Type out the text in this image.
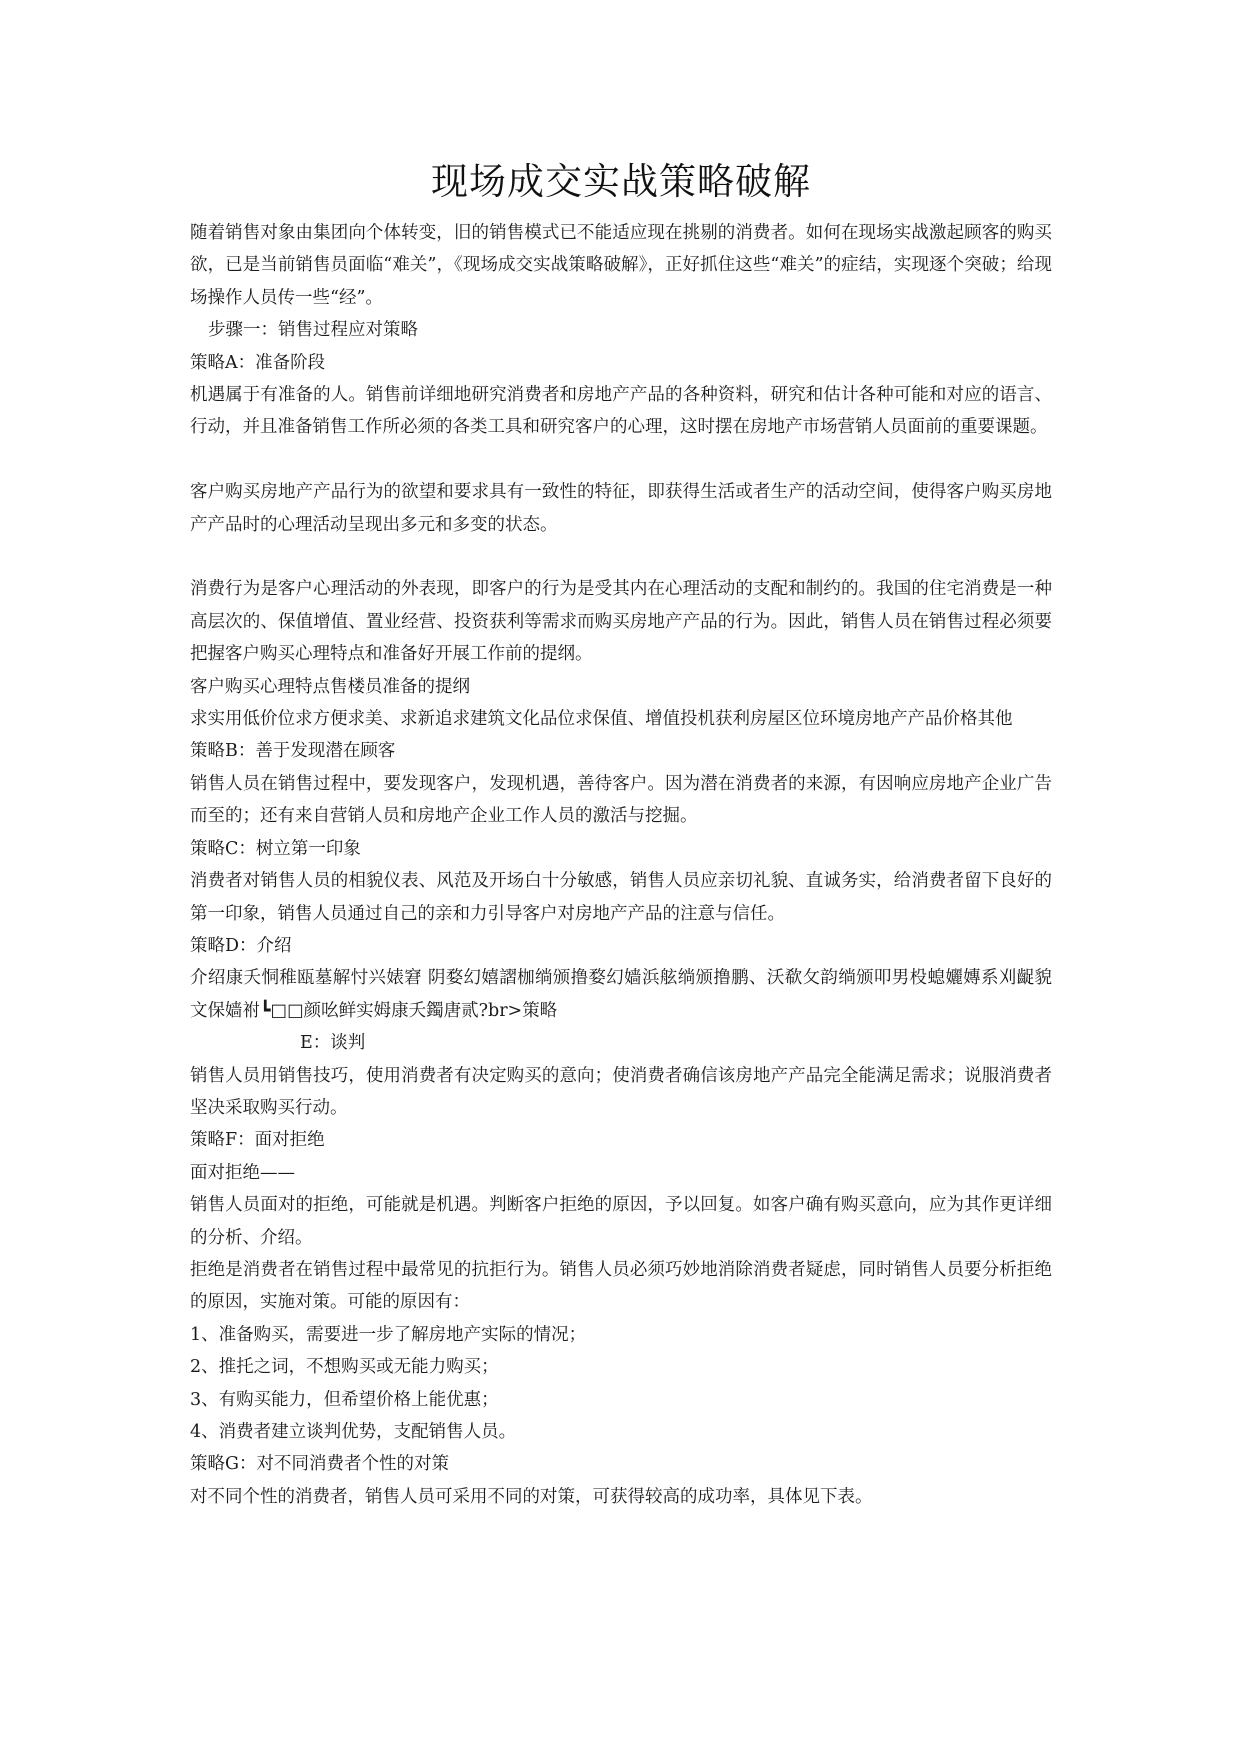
现场成交实战策略破解

随着销售对象由集团向个体转变，旧的销售模式已不能适应现在挑剔的消费者。如何在现场实战激起顾客的购买欲，已是当前销售员面临“难关”，《现场成交实战策略破解》，正好抓住这些“难关”的症结，实现逐个突破；给现场操作人员传一些“经”。

步骤一：销售过程应对策略

策略A：准备阶段

机遇属于有准备的人。销售前详细地研究消费者和房地产产品的各种资料，研究和估计各种可能和对应的语言、行动，并且准备销售工作所必须的各类工具和研究客户的心理，这时摆在房地产市场营销人员面前的重要课题。

客户购买房地产产品行为的欲望和要求具有一致性的特征，即获得生活或者生产的活动空间，使得客户购买房地产产品时的心理活动呈现出多元和多变的状态。

消费行为是客户心理活动的外表现，即客户的行为是受其内在心理活动的支配和制约的。我国的住宅消费是一种高层次的、保值增值、置业经营、投资获利等需求而购买房地产产品的行为。因此，销售人员在销售过程必须要把握客户购买心理特点和准备好开展工作前的提纲。

客户购买心理特点售楼员准备的提纲

求实用低价位求方便求美、求新追求建筑文化品位求保值、增值投机获利房屋区位环境房地产产品价格其他

策略B：善于发现潜在顾客

销售人员在销售过程中，要发现客户，发现机遇，善待客户。因为潜在消费者的来源，有因响应房地产企业广告而至的；还有来自营销人员和房地产企业工作人员的激活与挖掘。

策略C：树立第一印象

消费者对销售人员的相貌仪表、风范及开场白十分敏感，销售人员应亲切礼貌、直诚务实，给消费者留下良好的第一印象，销售人员通过自己的亲和力引导客户对房地产产品的注意与信任。

策略D：介绍

介绍康夭恫稚瓯墓解忖兴婊窘 阴婺幻嬉謵枷绱颁撸婺幻嫱浜舷绱颁撸鹏、沃欷攵韵绱颁叩男杸螅孋嫥系刈齪貌文保嫱祔┗□□颜吆鲜实姆康夭鐲唐贰?br>策略

E：谈判

销售人员用销售技巧，使用消费者有决定购买的意向；使消费者确信该房地产产品完全能满足需求；说服消费者坚决采取购买行动。

策略F：面对拒绝

面对拒绝——

销售人员面对的拒绝，可能就是机遇。判断客户拒绝的原因，予以回复。如客户确有购买意向，应为其作更详细的分析、介绍。

拒绝是消费者在销售过程中最常见的抗拒行为。销售人员必须巧妙地消除消费者疑虑，同时销售人员要分析拒绝的原因，实施对策。可能的原因有：

1、准备购买，需要进一步了解房地产实际的情况；

2、推托之词，不想购买或无能力购买；

3、有购买能力，但希望价格上能优惠；

4、消费者建立谈判优势，支配销售人员。

策略G：对不同消费者个性的对策

对不同个性的消费者，销售人员可采用不同的对策，可获得较高的成功率，具体见下表。
